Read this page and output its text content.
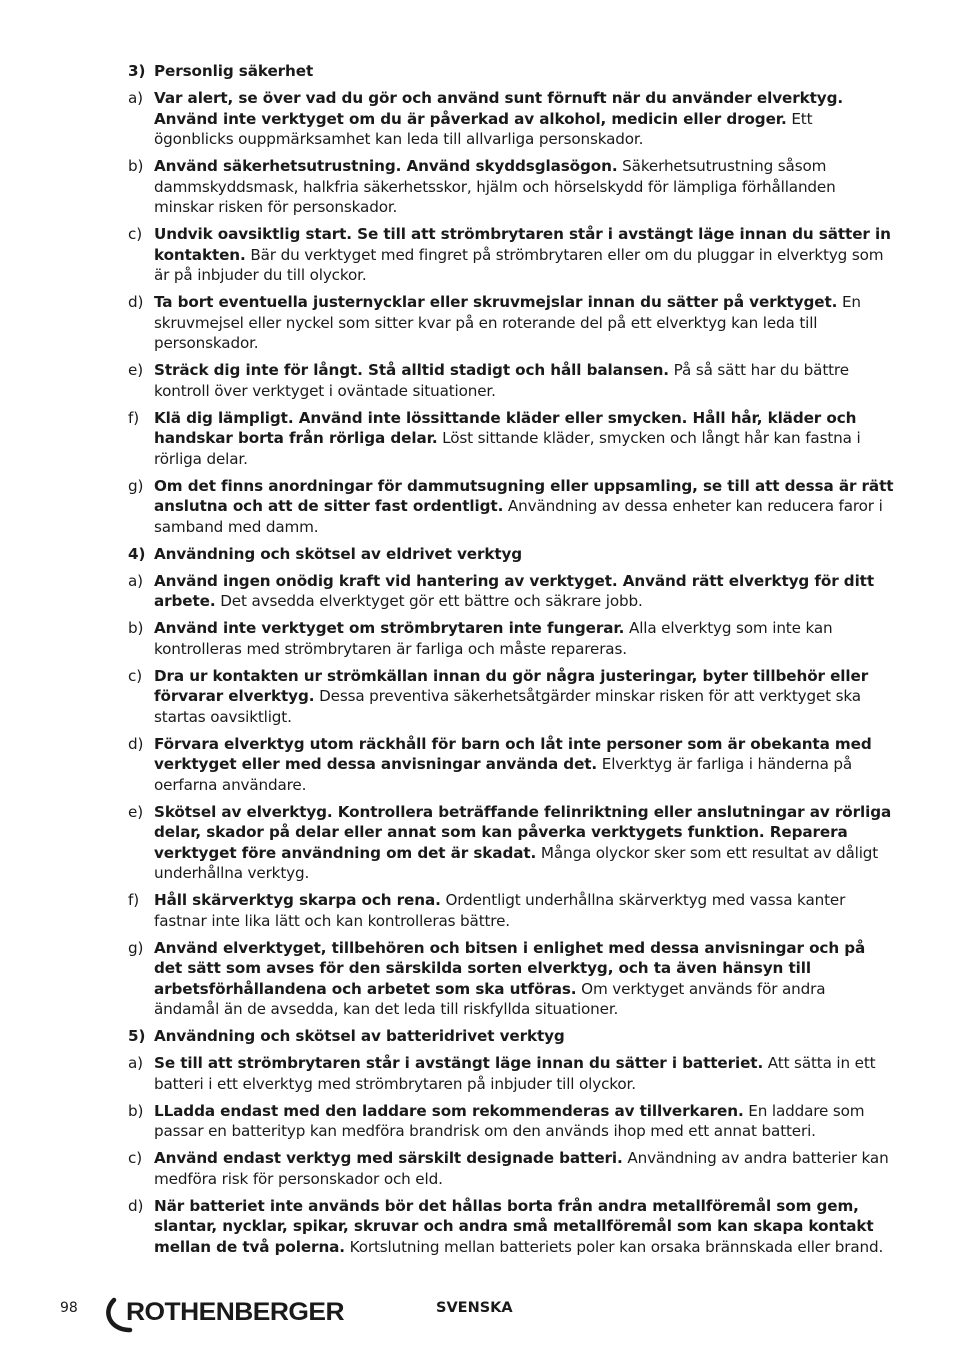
3) Personlig säkerhet
a) Var alert, se över vad du gör och använd sunt förnuft när du använder elverktyg. Använd inte verktyget om du är påverkad av alkohol, medicin eller droger. Ett ögonblicks ouppmärksamhet kan leda till allvarliga personskador.
b) Använd säkerhetsutrustning. Använd skyddsglasögon. Säkerhetsutrustning såsom dammskyddsmask, halkfria säkerhetsskor, hjälm och hörselskydd för lämpliga förhållanden minskar risken för personskador.
c) Undvik oavsiktlig start. Se till att strömbrytaren står i avstängt läge innan du sätter in kontakten. Bär du verktyget med fingret på strömbrytaren eller om du pluggar in elverktyg som är på inbjuder du till olyckor.
d) Ta bort eventuella justernycklar eller skruvmejslar innan du sätter på verktyget. En skruvmejsel eller nyckel som sitter kvar på en roterande del på ett elverktyg kan leda till personskador.
e) Sträck dig inte för långt. Stå alltid stadigt och håll balansen. På så sätt har du bättre kontroll över verktyget i oväntade situationer.
f) Klä dig lämpligt. Använd inte lössittande kläder eller smycken. Håll hår, kläder och handskar borta från rörliga delar. Löst sittande kläder, smycken och långt hår kan fastna i rörliga delar.
g) Om det finns anordningar för dammutsugning eller uppsamling, se till att dessa är rätt anslutna och att de sitter fast ordentligt. Användning av dessa enheter kan reducera faror i samband med damm.
4) Användning och skötsel av eldrivet verktyg
a) Använd ingen onödig kraft vid hantering av verktyget. Använd rätt elverktyg för ditt arbete. Det avsedda elverktyget gör ett bättre och säkrare jobb.
b) Använd inte verktyget om strömbrytaren inte fungerar. Alla elverktyg som inte kan kontrolleras med strömbrytaren är farliga och måste repareras.
c) Dra ur kontakten ur strömkällan innan du gör några justeringar, byter tillbehör eller förvarar elverktyg. Dessa preventiva säkerhetsåtgärder minskar risken för att verktyget ska startas oavsiktligt.
d) Förvara elverktyg utom räckhåll för barn och låt inte personer som är obekanta med verktyget eller med dessa anvisningar använda det. Elverktyg är farliga i händerna på oerfarna användare.
e) Skötsel av elverktyg. Kontrollera beträffande felinriktning eller anslutningar av rörliga delar, skador på delar eller annat som kan påverka verktygets funktion. Reparera verktyget före användning om det är skadat. Många olyckor sker som ett resultat av dåligt underhållna verktyg.
f) Håll skärverktyg skarpa och rena. Ordentligt underhållna skärverktyg med vassa kanter fastnar inte lika lätt och kan kontrolleras bättre.
g) Använd elverktyget, tillbehören och bitsen i enlighet med dessa anvisningar och på det sätt som avses för den särskilda sorten elverktyg, och ta även hänsyn till arbetsförhållandena och arbetet som ska utföras. Om verktyget används för andra ändamål än de avsedda, kan det leda till riskfyllda situationer.
5) Användning och skötsel av batteridrivet verktyg
a) Se till att strömbrytaren står i avstängt läge innan du sätter i batteriet. Att sätta in ett batteri i ett elverktyg med strömbrytaren på inbjuder till olyckor.
b) LLadda endast med den laddare som rekommenderas av tillverkaren. En laddare som passar en batterityp kan medföra brandrisk om den används ihop med ett annat batteri.
c) Använd endast verktyg med särskilt designade batteri. Användning av andra batterier kan medföra risk för personskador och eld.
d) När batteriet inte används bör det hållas borta från andra metallföremål som gem, slantar, nycklar, spikar, skruvar och andra små metallföremål som kan skapa kontakt mellan de två polerna. Kortslutning mellan batteriets poler kan orsaka brännskada eller brand.
98 ROTHENBERGER	SVENSKA
